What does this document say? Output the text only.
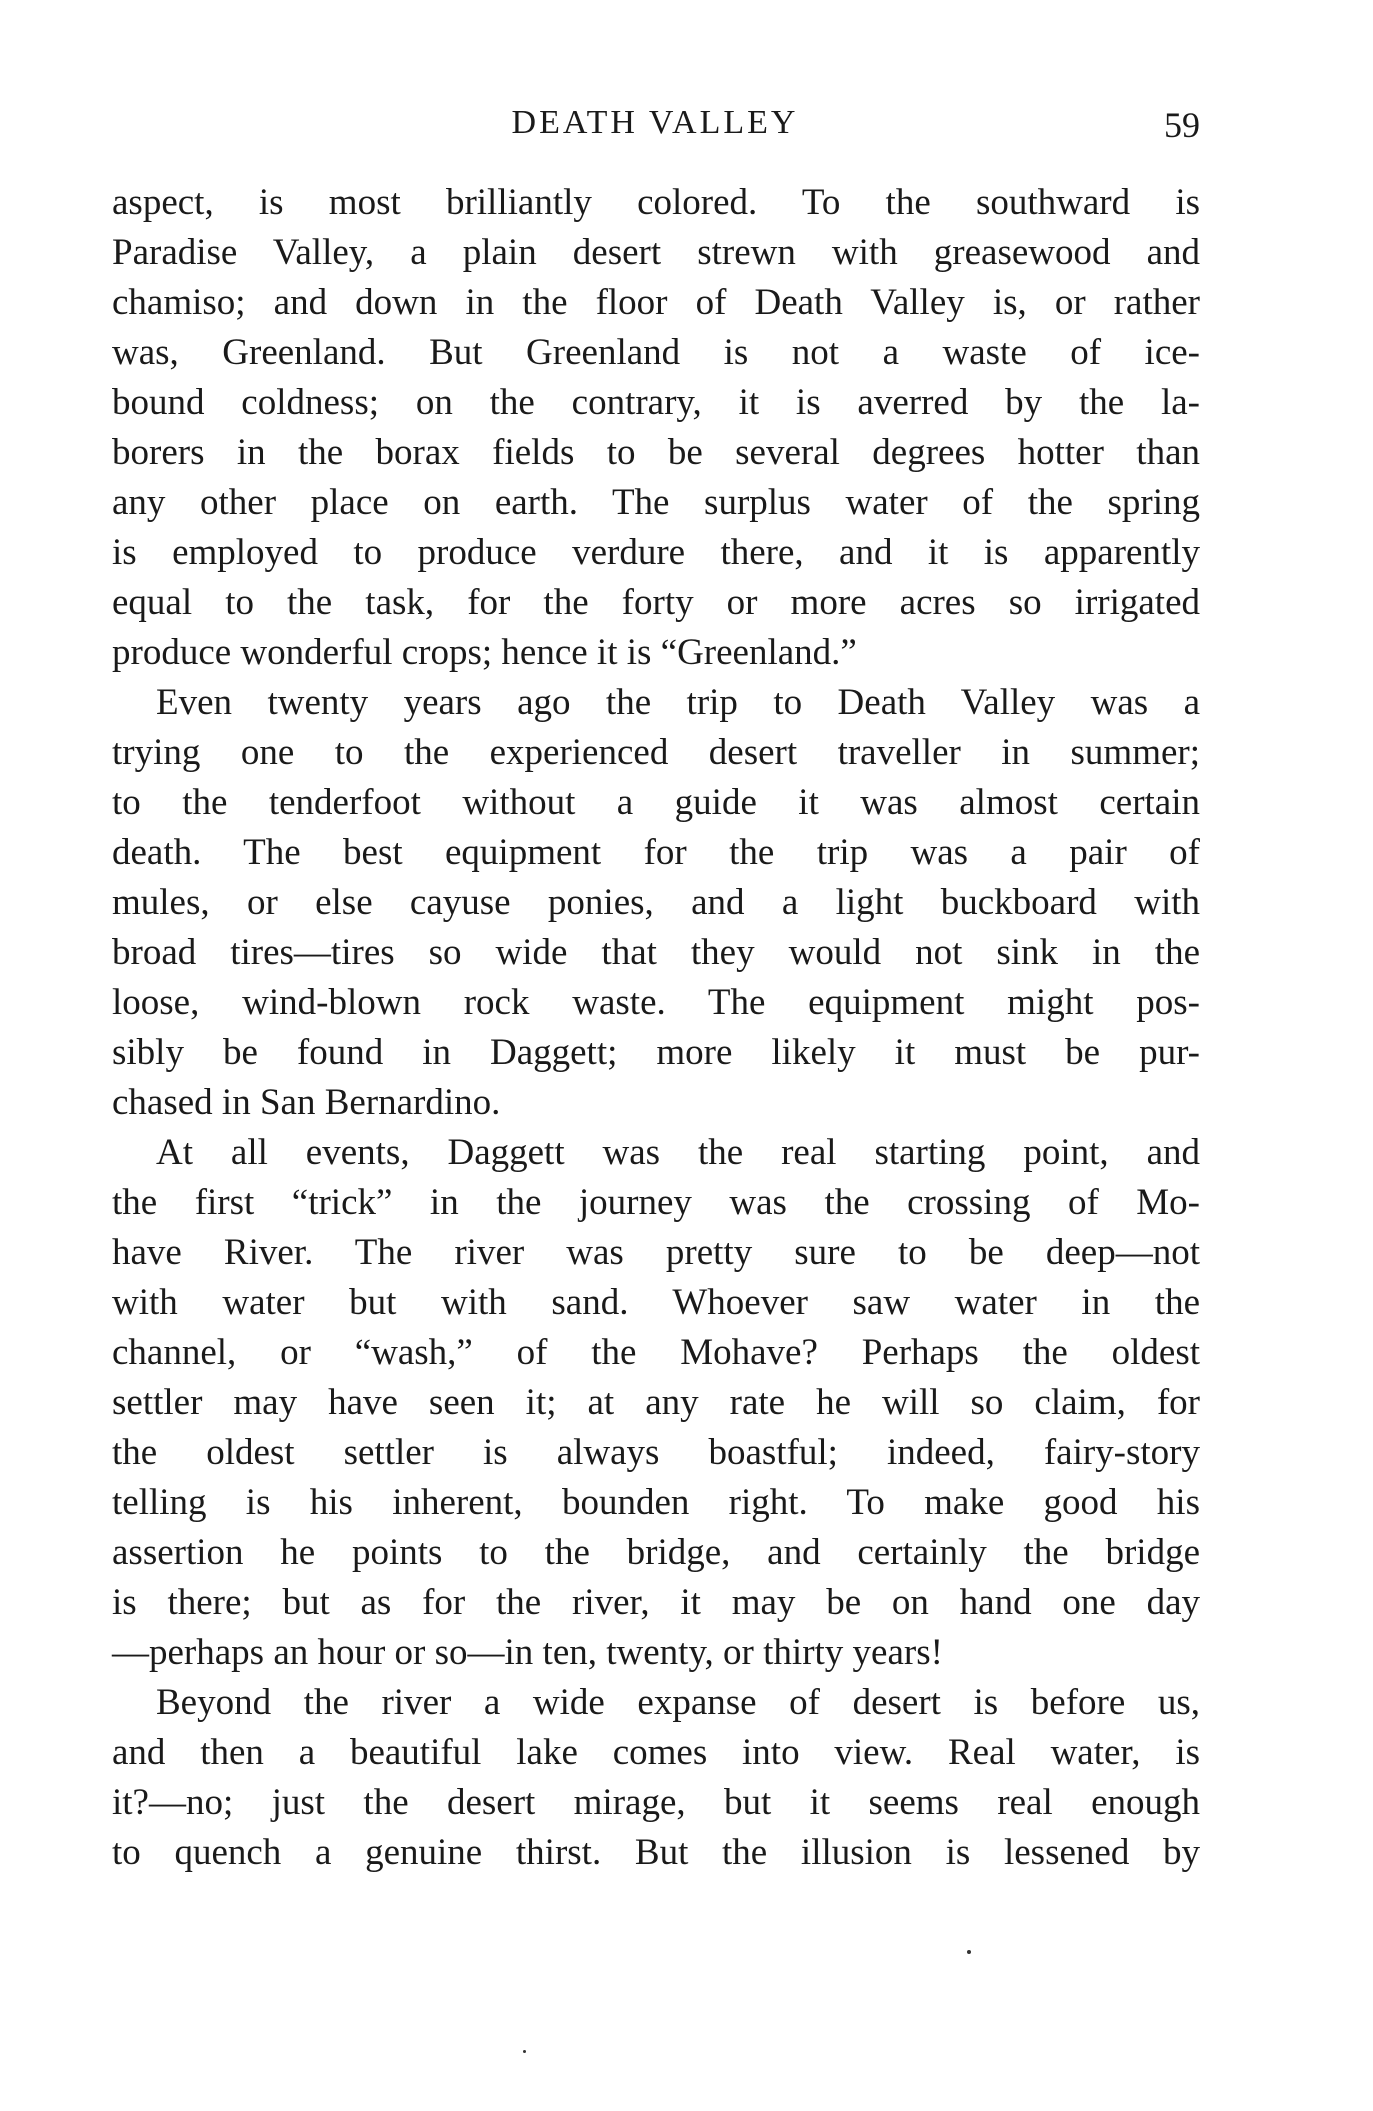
DEATH VALLEY	59
aspect, is most brilliantly colored. To the southward is
Paradise Valley, a plain desert strewn with greasewood and
chamiso; and down in the floor of Death Valley is, or rather
was, Greenland. But Greenland is not a waste of ice-
bound coldness; on the contrary, it is averred by the la-
borers in the borax fields to be several degrees hotter than
any other place on earth. The surplus water of the spring
is employed to produce verdure there, and it is apparently
equal to the task, for the forty or more acres so irrigated
produce wonderful crops; hence it is “Greenland.”
Even twenty years ago the trip to Death Valley was a
trying one to the experienced desert traveller in summer;
to the tenderfoot without a guide it was almost certain
death. The best equipment for the trip was a pair of
mules, or else cayuse ponies, and a light buckboard with
broad tires—tires so wide that they would not sink in the
loose, wind-blown rock waste. The equipment might pos-
sibly be found in Daggett; more likely it must be pur-
chased in San Bernardino.
At all events, Daggett was the real starting point, and
the first “trick” in the journey was the crossing of Mo-
have River. The river was pretty sure to be deep—not
with water but with sand. Whoever saw water in the
channel, or “wash,” of the Mohave? Perhaps the oldest
settler may have seen it; at any rate he will so claim, for
the oldest settler is always boastful; indeed, fairy-story
telling is his inherent, bounden right. To make good his
assertion he points to the bridge, and certainly the bridge
is there; but as for the river, it may be on hand one day
—perhaps an hour or so—in ten, twenty, or thirty years!
Beyond the river a wide expanse of desert is before us,
and then a beautiful lake comes into view. Real water, is
it?—no; just the desert mirage, but it seems real enough
to quench a genuine thirst. But the illusion is lessened by
